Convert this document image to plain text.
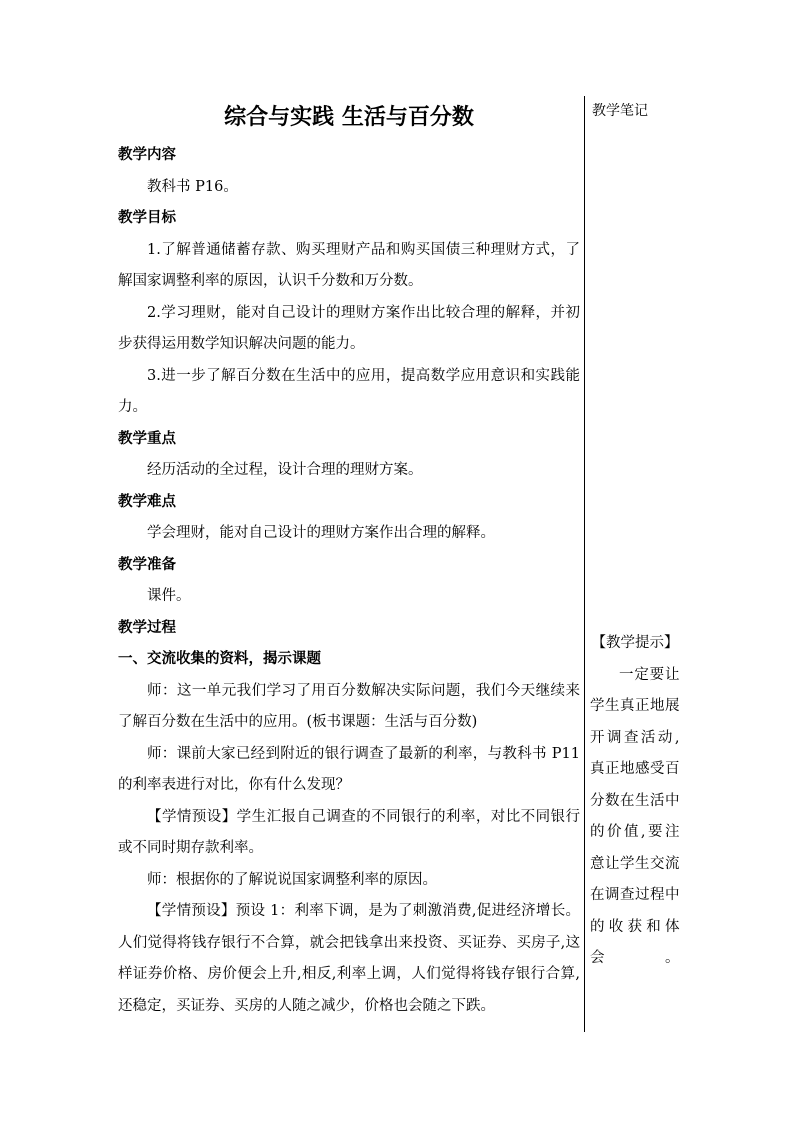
综合与实践 生活与百分数

教学内容

教科书 P16。

教学目标

1.了解普通储蓄存款、购买理财产品和购买国债三种理财方式，了解国家调整利率的原因，认识千分数和万分数。

2.学习理财，能对自己设计的理财方案作出比较合理的解释，并初步获得运用数学知识解决问题的能力。

3.进一步了解百分数在生活中的应用，提高数学应用意识和实践能力。

教学重点

经历活动的全过程，设计合理的理财方案。

教学难点

学会理财，能对自己设计的理财方案作出合理的解释。

教学准备

课件。

教学过程

一、交流收集的资料，揭示课题

师：这一单元我们学习了用百分数解决实际问题，我们今天继续来了解百分数在生活中的应用。(板书课题：生活与百分数)

师：课前大家已经到附近的银行调查了最新的利率，与教科书 P11 的利率表进行对比，你有什么发现？

【学情预设】学生汇报自己调查的不同银行的利率，对比不同银行或不同时期存款利率。

师：根据你的了解说说国家调整利率的原因。

【学情预设】预设 1：利率下调，是为了刺激消费,促进经济增长。人们觉得将钱存银行不合算，就会把钱拿出来投资、买证券、买房子,这样证券价格、房价便会上升,相反,利率上调，人们觉得将钱存银行合算,还稳定，买证券、买房的人随之减少，价格也会随之下跌。

教学笔记

【教学提示】

一定要让学生真正地展开调查活动,真正地感受百分数在生活中的价值,要注意让学生交流在调查过程中的收获和体会。
